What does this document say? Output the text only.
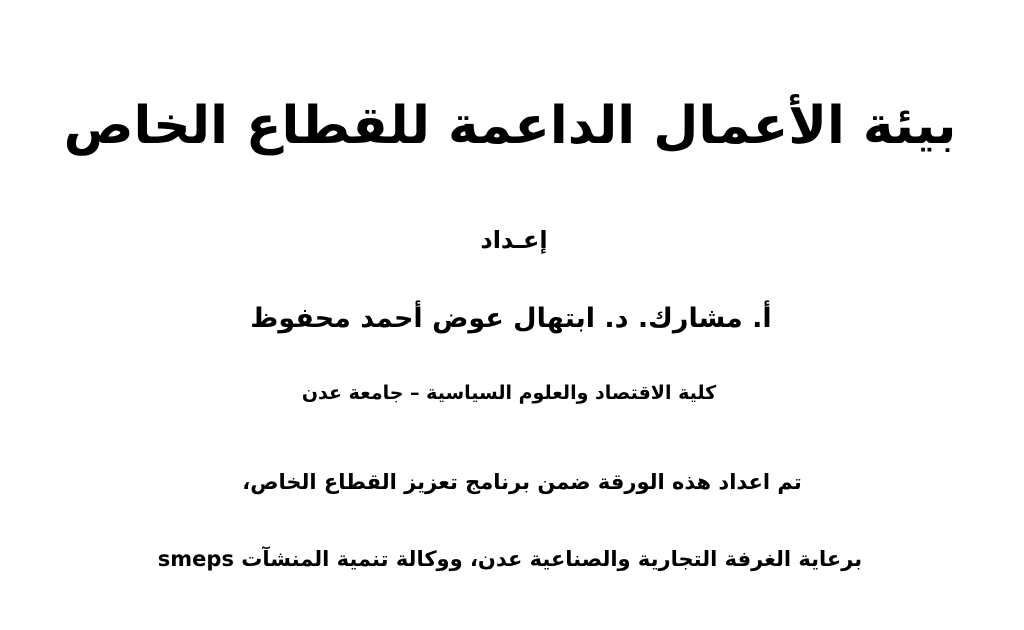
بيئة الأعمال الداعمة للقطاع الخاص
إعـداد
أ. مشارك. د. ابتهال عوض أحمد محفوظ
كلية الاقتصاد والعلوم السياسية – جامعة عدن
تم اعداد هذه الورقة ضمن برنامج تعزيز القطاع الخاص،
برعاية الغرفة التجارية والصناعية عدن، ووكالة تنمية المنشآت smeps
